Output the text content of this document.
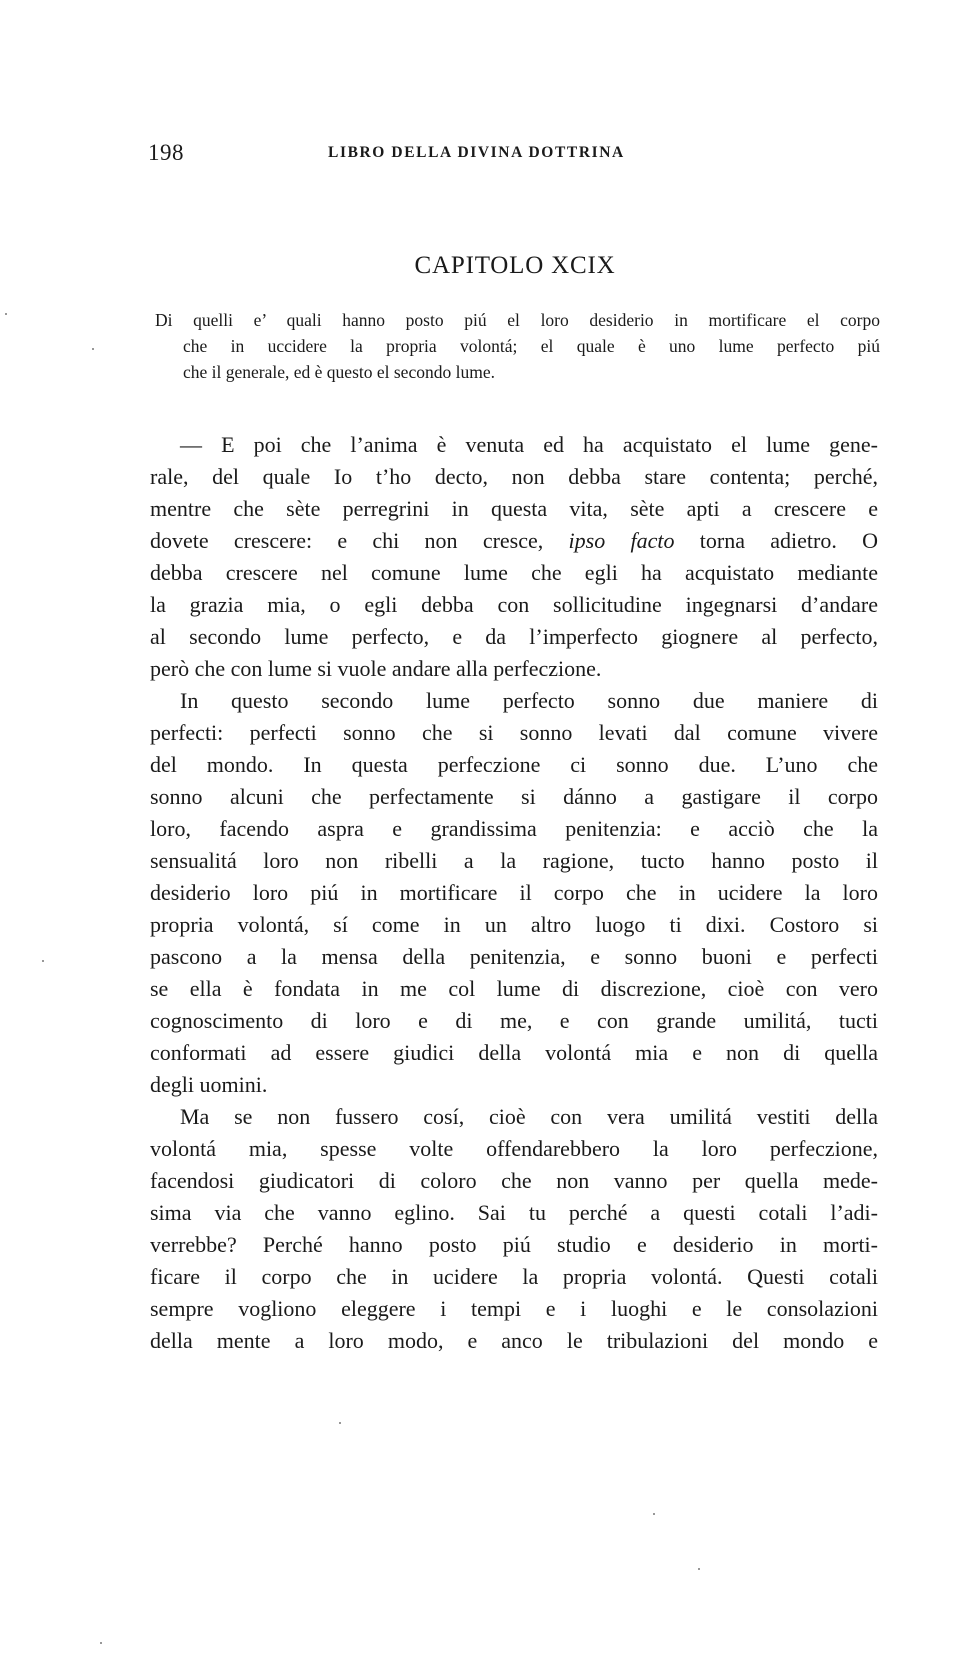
198	LIBRO DELLA DIVINA DOTTRINA
CAPITOLO XCIX
Di quelli e’ quali hanno posto piú el loro desiderio in mortificare el corpo
che in uccidere la propria volontá; el quale è uno lume perfecto piú
che il generale, ed è questo el secondo lume.
— E poi che l’anima è venuta ed ha acquistato el lume gene-
rale, del quale Io t’ho decto, non debba stare contenta; perché,
mentre che sète perregrini in questa vita, sète apti a crescere e
dovete crescere: e chi non cresce, ipso facto torna adietro. O
debba crescere nel comune lume che egli ha acquistato mediante
la grazia mia, o egli debba con sollicitudine ingegnarsi d’andare
al secondo lume perfecto, e da l’imperfecto giognere al perfecto,
però che con lume si vuole andare alla perfeczione.
In questo secondo lume perfecto sonno due maniere di
perfecti: perfecti sonno che si sonno levati dal comune vivere
del mondo. In questa perfeczione ci sonno due. L’uno che
sonno alcuni che perfectamente si dánno a gastigare il corpo
loro, facendo aspra e grandissima penitenzia: e acciò che la
sensualitá loro non ribelli a la ragione, tucto hanno posto il
desiderio loro piú in mortificare il corpo che in ucidere la loro
propria volontá, sí come in un altro luogo ti dixi. Costoro si
pascono a la mensa della penitenzia, e sonno buoni e perfecti
se ella è fondata in me col lume di discrezione, cioè con vero
cognoscimento di loro e di me, e con grande umilitá, tucti
conformati ad essere giudici della volontá mia e non di quella
degli uomini.
Ma se non fussero cosí, cioè con vera umilitá vestiti della
volontá mia, spesse volte offendarebbero la loro perfeczione,
facendosi giudicatori di coloro che non vanno per quella mede-
sima via che vanno eglino. Sai tu perché a questi cotali l’adi-
verrebbe? Perché hanno posto piú studio e desiderio in morti-
ficare il corpo che in ucidere la propria volontá. Questi cotali
sempre vogliono eleggere i tempi e i luoghi e le consolazioni
della mente a loro modo, e anco le tribulazioni del mondo e
